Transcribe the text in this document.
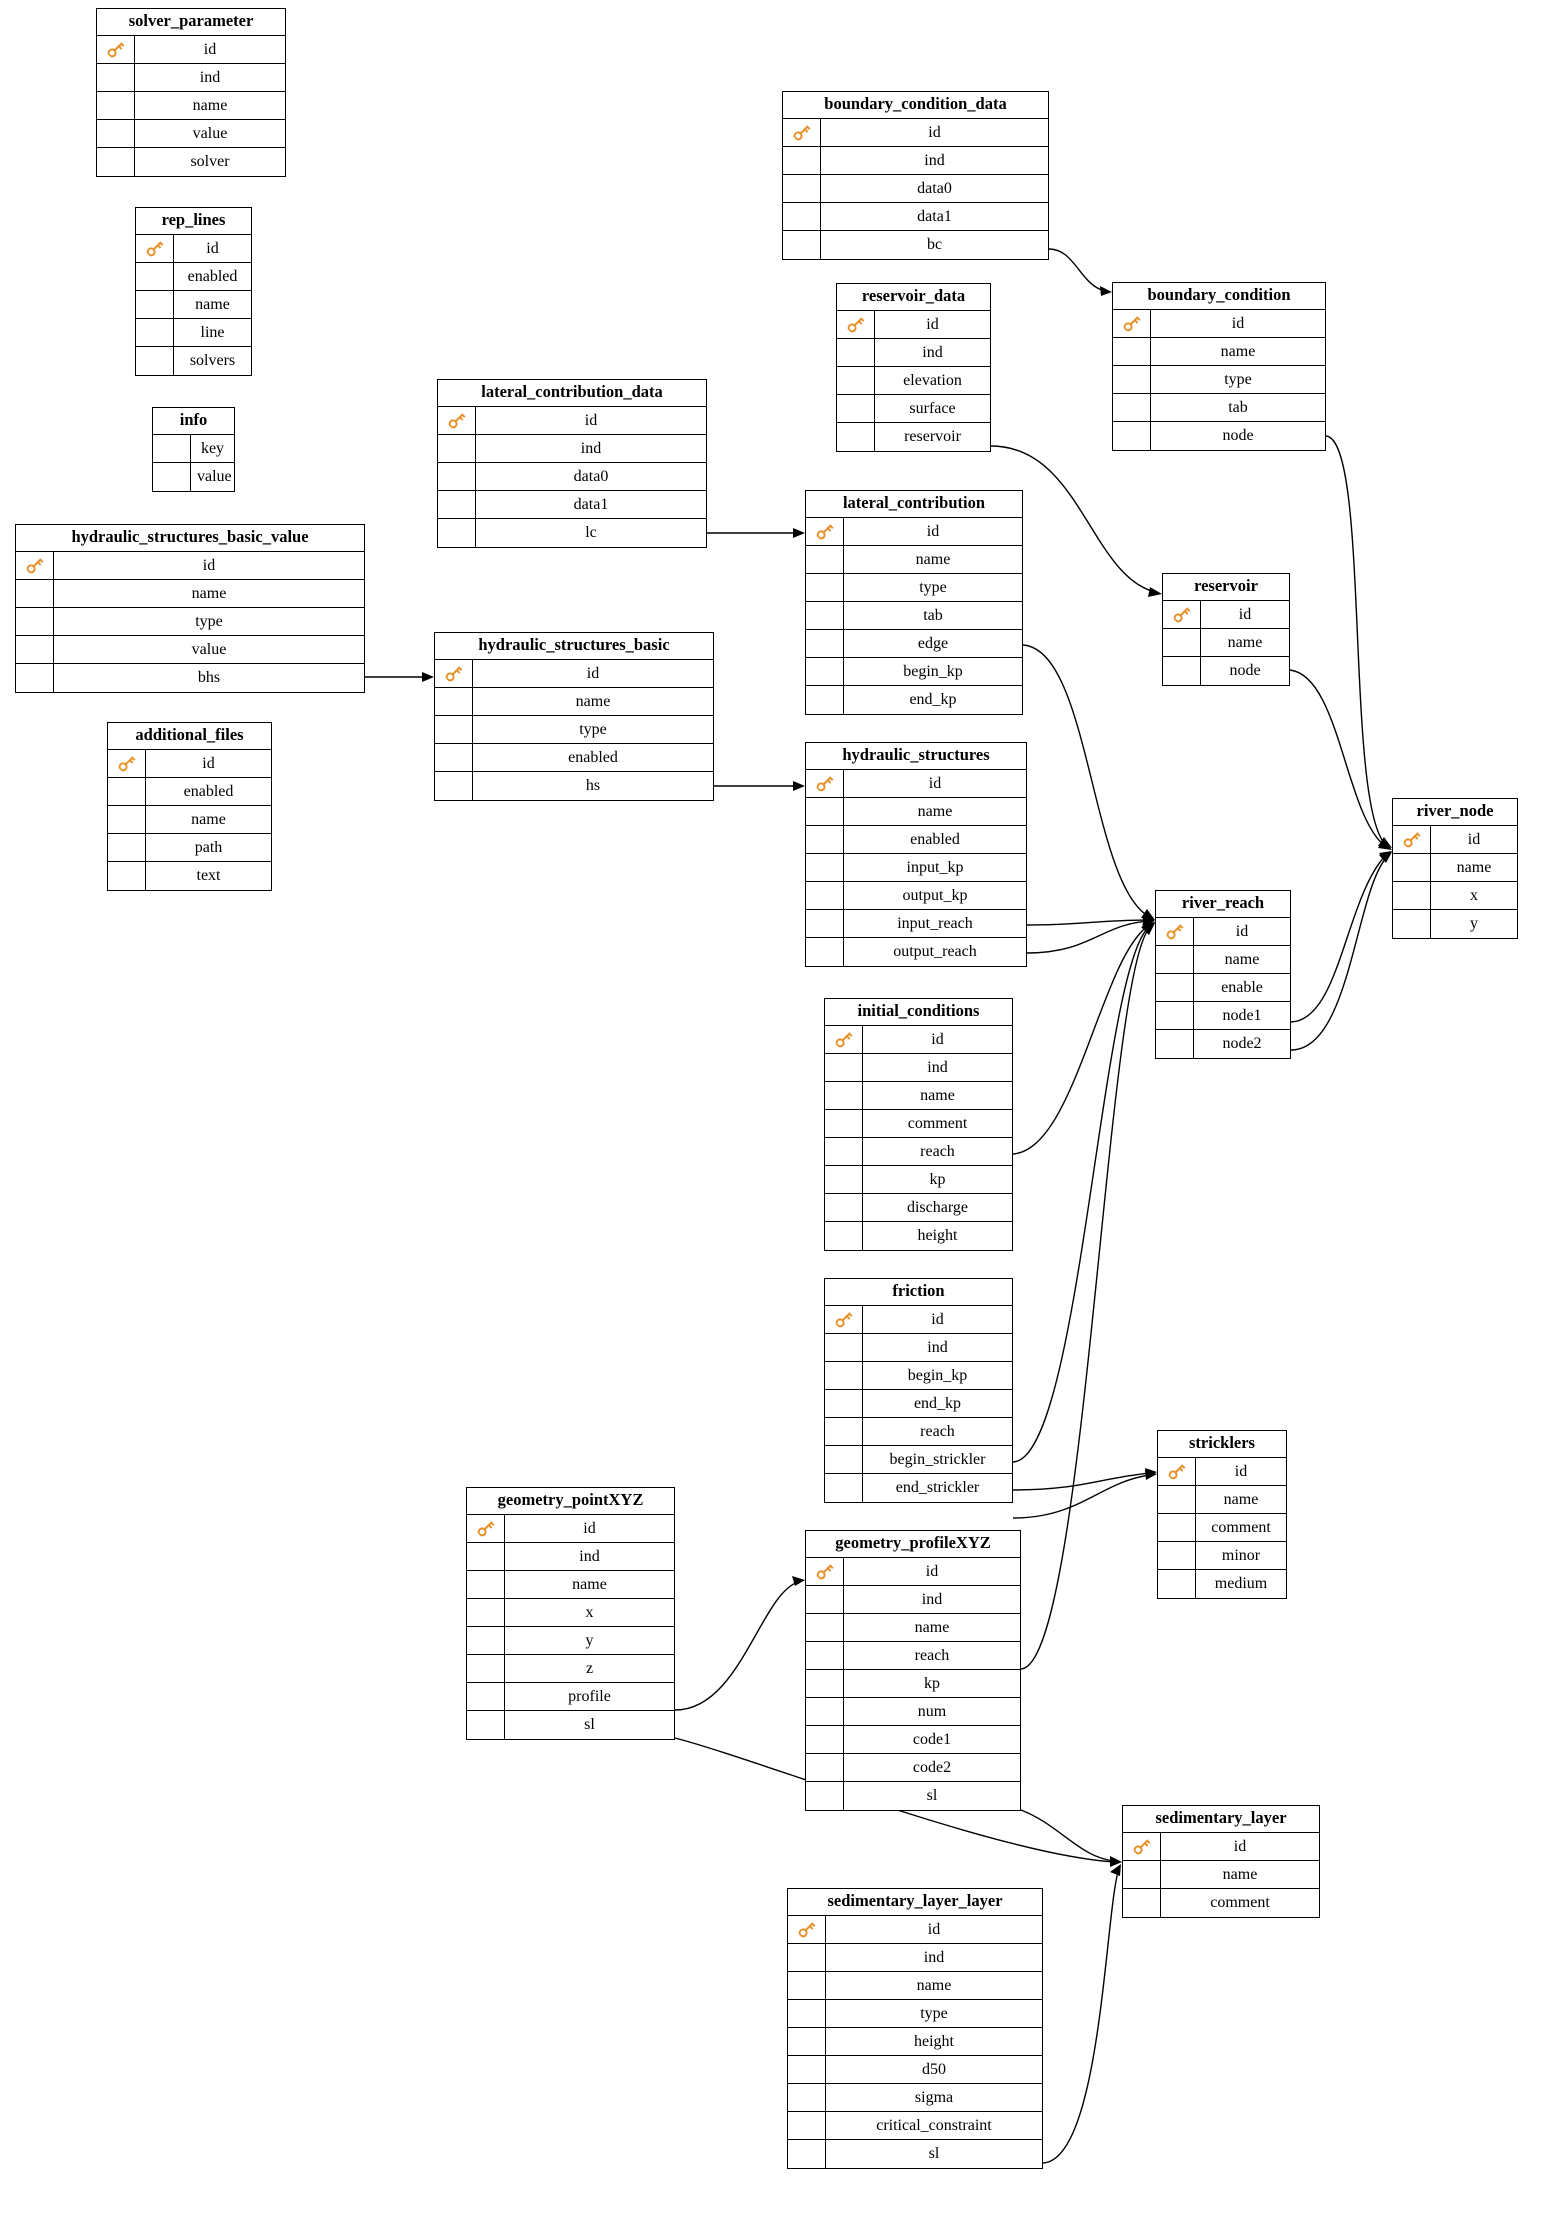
solver_parameter
id
ind
name
value
solver
rep_lines
id
enabled
name
line
solvers
info
key
value
hydraulic_structures_basic_value
id
name
type
value
bhs
additional_files
id
enabled
name
path
text
lateral_contribution_data
id
ind
data0
data1
lc
hydraulic_structures_basic
id
name
type
enabled
hs
boundary_condition_data
id
ind
data0
data1
bc
reservoir_data
id
ind
elevation
surface
reservoir
boundary_condition
id
name
type
tab
node
lateral_contribution
id
name
type
tab
edge
begin_kp
end_kp
reservoir
id
name
node
hydraulic_structures
id
name
enabled
input_kp
output_kp
input_reach
output_reach
river_node
id
name
x
y
river_reach
id
name
enable
node1
node2
initial_conditions
id
ind
name
comment
reach
kp
discharge
height
friction
id
ind
begin_kp
end_kp
reach
begin_strickler
end_strickler
stricklers
id
name
comment
minor
medium
geometry_pointXYZ
id
ind
name
x
y
z
profile
sl
geometry_profileXYZ
id
ind
name
reach
kp
num
code1
code2
sl
sedimentary_layer
id
name
comment
sedimentary_layer_layer
id
ind
name
type
height
d50
sigma
critical_constraint
sl
